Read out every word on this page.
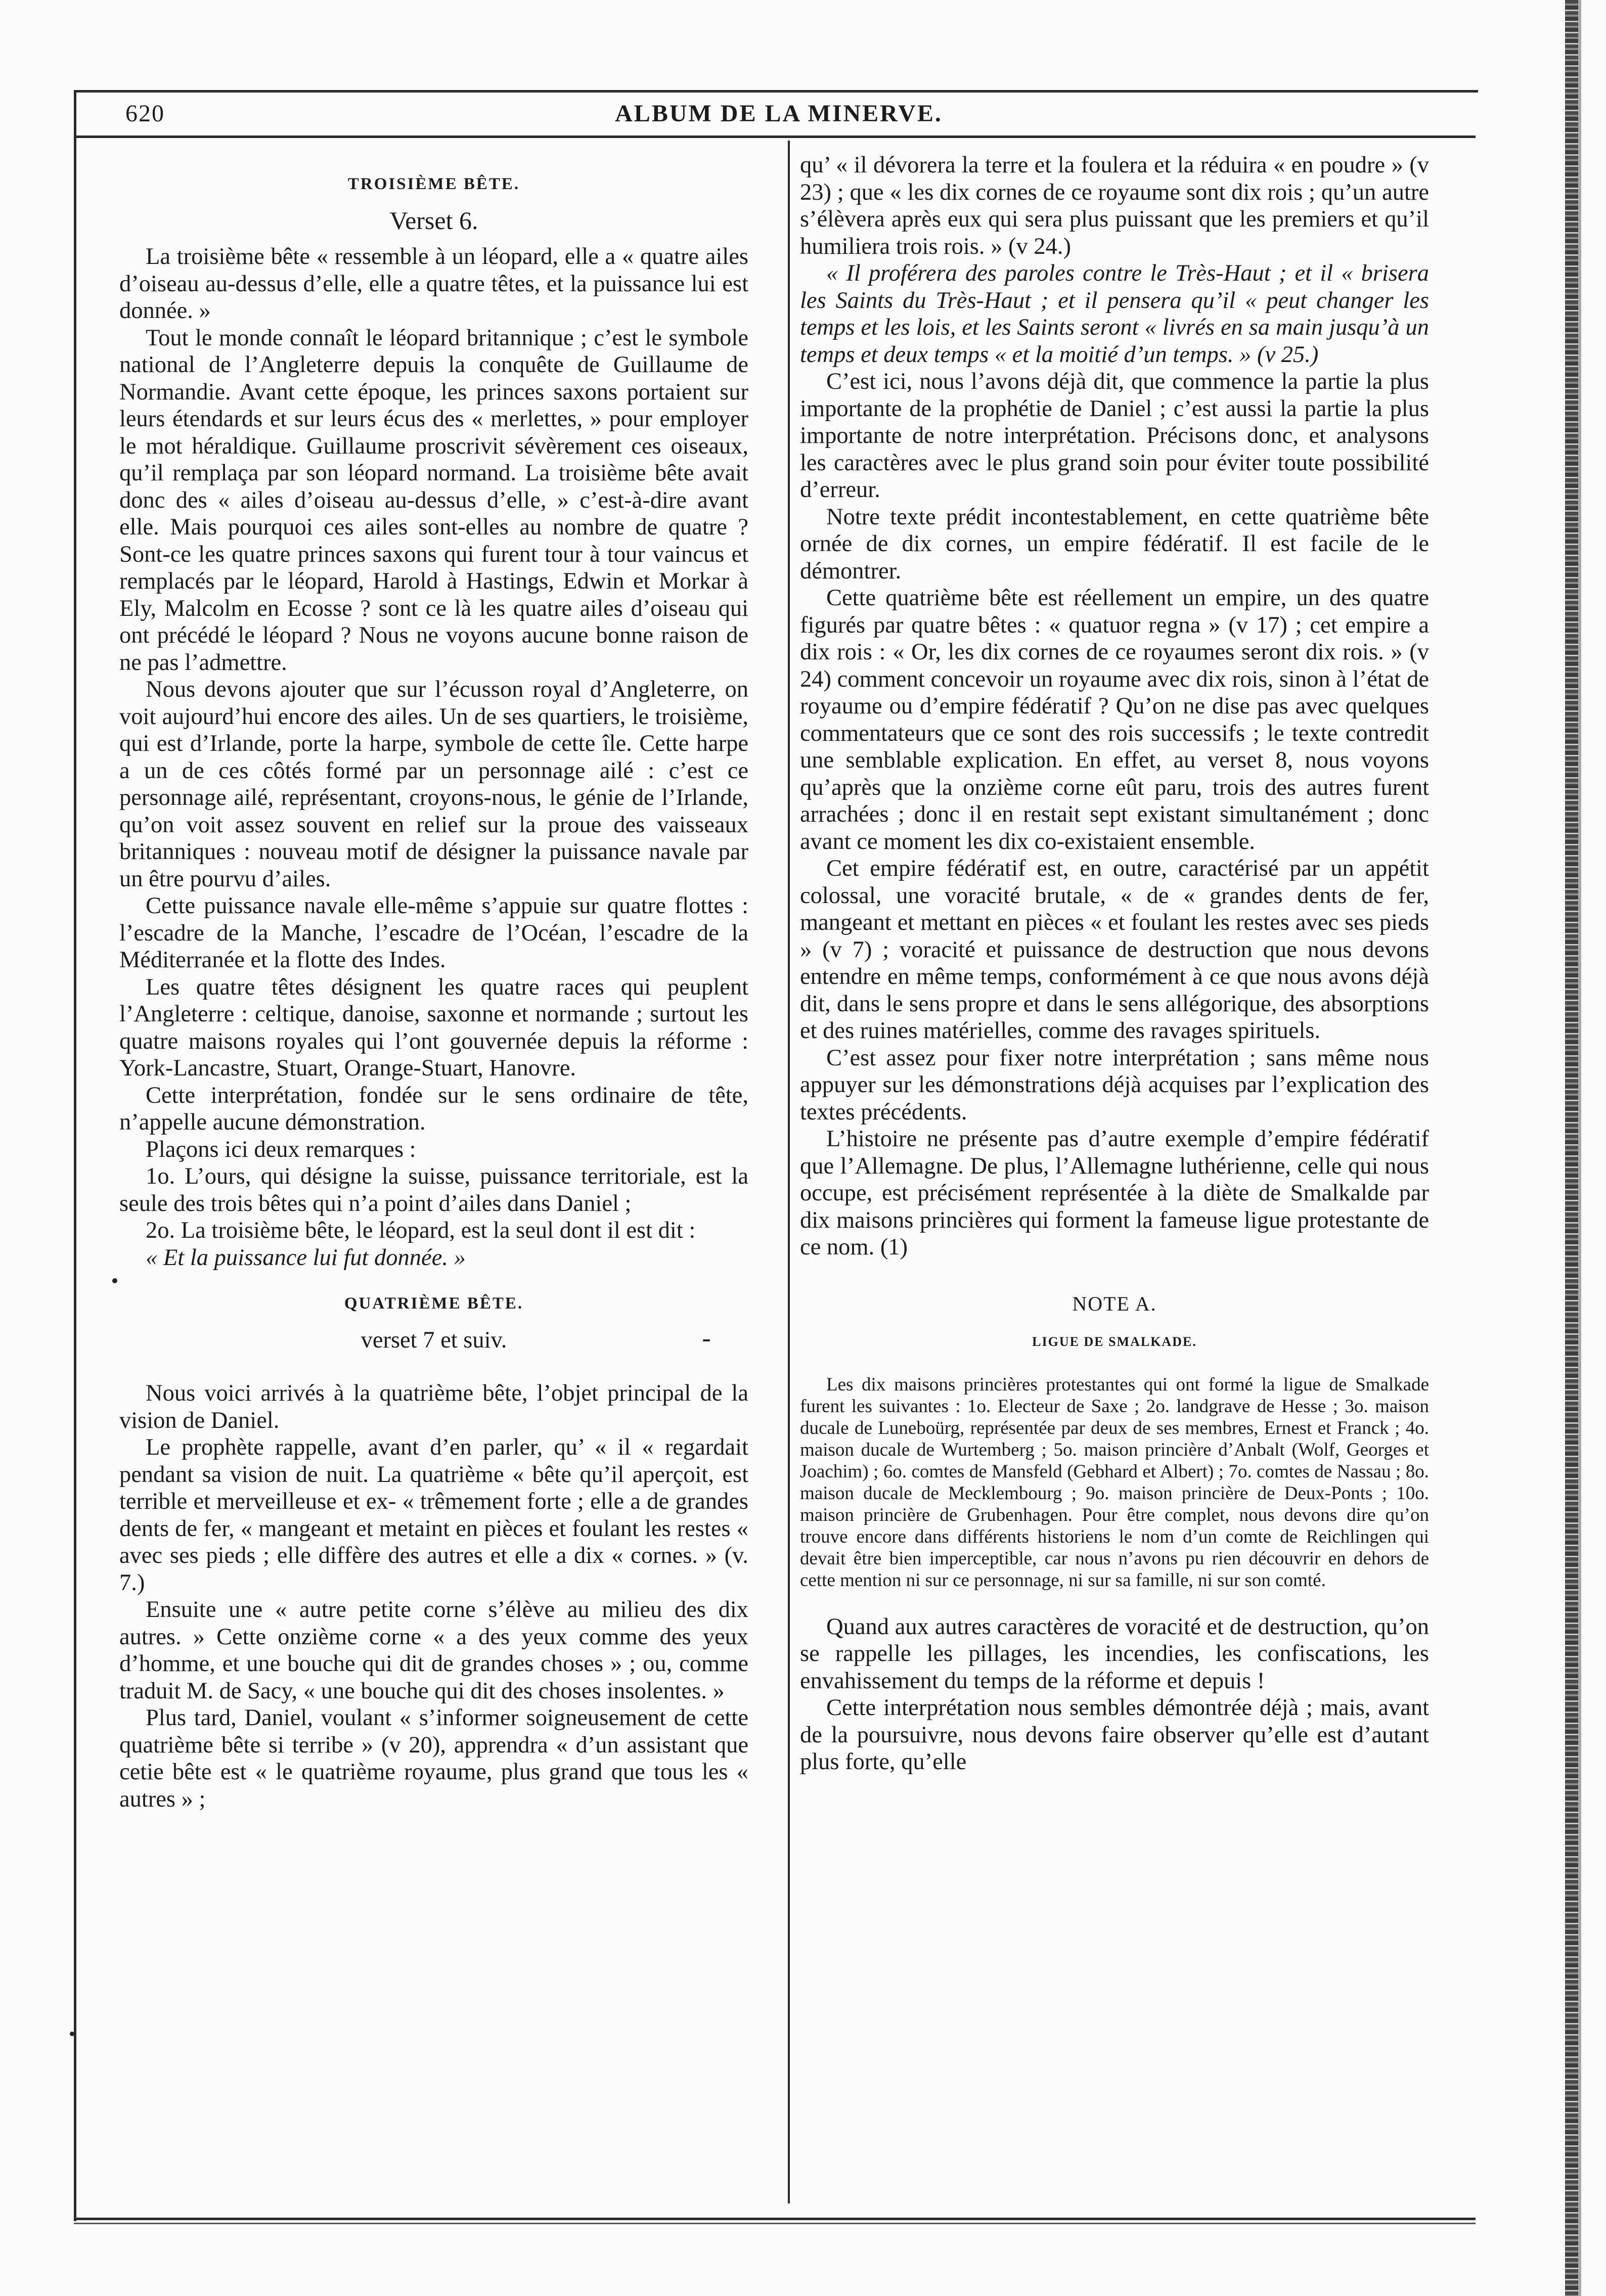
620	ALBUM DE LA MINERVE.
TROISIÈME BÊTE.
Verset 6.

La troisième bête « ressemble à un léopard, elle a « quatre ailes d’oiseau au-dessus d’elle, elle a quatre têtes, et la puissance lui est donnée. »

Tout le monde connaît le léopard britannique ; c’est le symbole national de l’Angleterre depuis la conquête de Guillaume de Normandie. Avant cette époque, les princes saxons portaient sur leurs étendards et sur leurs écus des « merlettes, » pour employer le mot héraldique. Guillaume proscrivit sévèrement ces oiseaux, qu’il remplaça par son léopard normand. La troisième bête avait donc des « ailes d’oiseau au-dessus d’elle, » c’est-à-dire avant elle. Mais pourquoi ces ailes sont-elles au nombre de quatre ? Sont-ce les quatre princes saxons qui furent tour à tour vaincus et remplacés par le léopard, Harold à Hastings, Edwin et Morkar à Ely, Malcolm en Ecosse ? sont ce là les quatre ailes d’oiseau qui ont précédé le léopard ? Nous ne voyons aucune bonne raison de ne pas l’admettre.

Nous devons ajouter que sur l’écusson royal d’Angleterre, on voit aujourd’hui encore des ailes. Un de ses quartiers, le troisième, qui est d’Irlande, porte la harpe, symbole de cette île. Cette harpe a un de ces côtés formé par un personnage ailé : c’est ce personnage ailé, représentant, croyons-nous, le génie de l’Irlande, qu’on voit assez souvent en relief sur la proue des vaisseaux britanniques : nouveau motif de désigner la puissance navale par un être pourvu d’ailes.

Cette puissance navale elle-même s’appuie sur quatre flottes : l’escadre de la Manche, l’escadre de l’Océan, l’escadre de la Méditerranée et la flotte des Indes.

Les quatre têtes désignent les quatre races qui peuplent l’Angleterre : celtique, danoise, saxonne et normande ; surtout les quatre maisons royales qui l’ont gouvernée depuis la réforme : York-Lancastre, Stuart, Orange-Stuart, Hanovre.

Cette interprétation, fondée sur le sens ordinaire de tête, n’appelle aucune démonstration.

Plaçons ici deux remarques :

1o. L’ours, qui désigne la suisse, puissance territoriale, est la seule des trois bêtes qui n’a point d’ailes dans Daniel ;

2o. La troisième bête, le léopard, est la seul dont il est dit :

« Et la puissance lui fut donnée. »

QUATRIÈME BÊTE.
verset 7 et suiv.

Nous voici arrivés à la quatrième bête, l’objet principal de la vision de Daniel.

Le prophète rappelle, avant d’en parler, qu’ « il « regardait pendant sa vision de nuit. La quatrième « bête qu’il aperçoit, est terrible et merveilleuse et ex- « trêmement forte ; elle a de grandes dents de fer, « mangeant et metaint en pièces et foulant les restes « avec ses pieds ; elle diffère des autres et elle a dix « cornes. » (v. 7.)

Ensuite une « autre petite corne s’élève au milieu des dix autres. » Cette onzième corne « a des yeux comme des yeux d’homme, et une bouche qui dit de grandes choses » ; ou, comme traduit M. de Sacy, « une bouche qui dit des choses insolentes. »

Plus tard, Daniel, voulant « s’informer soigneusement de cette quatrième bête si terribe » (v 20), apprendra « d’un assistant que cetie bête est « le quatrième royaume, plus grand que tous les « autres » ;

qu’ « il dévorera la terre et la foulera et la réduira « en poudre » (v 23) ; que « les dix cornes de ce royaume sont dix rois ; qu’un autre s’élèvera après eux qui sera plus puissant que les premiers et qu’il humiliera trois rois. » (v 24.)

« Il proférera des paroles contre le Très-Haut ; et il « brisera les Saints du Très-Haut ; et il pensera qu’il « peut changer les temps et les lois, et les Saints seront « livrés en sa main jusqu’à un temps et deux temps « et la moitié d’un temps. » (v 25.)

C’est ici, nous l’avons déjà dit, que commence la partie la plus importante de la prophétie de Daniel ; c’est aussi la partie la plus importante de notre interprétation. Précisons donc, et analysons les caractères avec le plus grand soin pour éviter toute possibilité d’erreur.

Notre texte prédit incontestablement, en cette quatrième bête ornée de dix cornes, un empire fédératif. Il est facile de le démontrer.

Cette quatrième bête est réellement un empire, un des quatre figurés par quatre bêtes : « quatuor regna » (v 17) ; cet empire a dix rois : « Or, les dix cornes de ce royaumes seront dix rois. » (v 24) comment concevoir un royaume avec dix rois, sinon à l’état de royaume ou d’empire fédératif ? Qu’on ne dise pas avec quelques commentateurs que ce sont des rois successifs ; le texte contredit une semblable explication. En effet, au verset 8, nous voyons qu’après que la onzième corne eût paru, trois des autres furent arrachées ; donc il en restait sept existant simultanément ; donc avant ce moment les dix co-existaient ensemble.

Cet empire fédératif est, en outre, caractérisé par un appétit colossal, une voracité brutale, « de « grandes dents de fer, mangeant et mettant en pièces « et foulant les restes avec ses pieds » (v 7) ; voracité et puissance de destruction que nous devons entendre en même temps, conformément à ce que nous avons déjà dit, dans le sens propre et dans le sens allégorique, des absorptions et des ruines matérielles, comme des ravages spirituels.

C’est assez pour fixer notre interprétation ; sans même nous appuyer sur les démonstrations déjà acquises par l’explication des textes précédents.

L’histoire ne présente pas d’autre exemple d’empire fédératif que l’Allemagne. De plus, l’Allemagne luthérienne, celle qui nous occupe, est précisément représentée à la diète de Smalkalde par dix maisons princières qui forment la fameuse ligue protestante de ce nom. (1)

NOTE A.
LIGUE DE SMALKADE.

Les dix maisons princières protestantes qui ont formé la ligue de Smalkade furent les suivantes : 1o. Electeur de Saxe ; 2o. landgrave de Hesse ; 3o. maison ducale de Luneboürg, représentée par deux de ses membres, Ernest et Franck ; 4o. maison ducale de Wurtemberg ; 5o. maison princière d’Anbalt (Wolf, Georges et Joachim) ; 6o. comtes de Mansfeld (Gebhard et Albert) ; 7o. comtes de Nassau ; 8o. maison ducale de Mecklembourg ; 9o. maison princière de Deux-Ponts ; 10o. maison princière de Grubenhagen. Pour être complet, nous devons dire qu’on trouve encore dans différents historiens le nom d’un comte de Reichlingen qui devait être bien imperceptible, car nous n’avons pu rien découvrir en dehors de cette mention ni sur ce personnage, ni sur sa famille, ni sur son comté.

Quand aux autres caractères de voracité et de destruction, qu’on se rappelle les pillages, les incendies, les confiscations, les envahissement du temps de la réforme et depuis !

Cette interprétation nous sembles démontrée déjà ; mais, avant de la poursuivre, nous devons faire observer qu’elle est d’autant plus forte, qu’elle
